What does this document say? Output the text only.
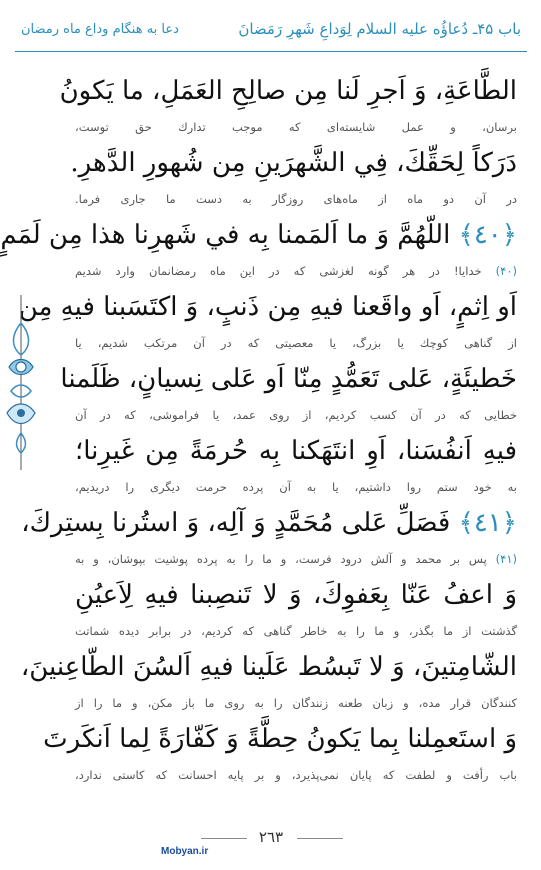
باب ۴۵ـ دُعاؤُه عليه السلام لِوَداعِ شَهرِ رَمَضانَ
دعا به هنگام وداع ماه رمضان
الطَّاعَةِ، وَ اَجرِ لَنا مِن صالِحِ العَمَلِ، ما يَكونُ
برسان، و عمل شايسته‌اى كه موجب تدارك حق توست،
دَرَكاً لِحَقِّكَ، فِي الشَّهرَينِ مِن شُهورِ الدَّهرِ.
در آن دو ماه از ماه‌هاى روزگار به دست ما جارى فرما.
﴿٤٠﴾ اللّهُمَّ وَ ما اَلمَمنا بِه في شَهرِنا هذا مِن لَمَمٍ
(۴۰) خدايا! در هر گونه لغزشى كه در اين ماه رمضانمان وارد شديم
اَو اِثمٍ، اَو واقَعنا فيهِ مِن ذَنبٍ، وَ اكتَسَبنا فيهِ مِن
از گناهى كوچك يا بزرگ، يا معصيتى كه در آن مرتكب شديم، يا
خَطيئَةٍ، عَلى تَعَمُّدٍ مِنّا اَو عَلى نِسيانٍ، ظَلَمنا
خطايى كه در آن كسب كرديم، از روى عمد، يا فراموشى، كه در آن
فيهِ اَنفُسَنا، اَوِ انتَهَكنا بِه حُرمَةً مِن غَيرِنا؛
به خود ستم روا داشتيم، يا به آن پرده حرمت ديگرى را دريديم،
﴿٤١﴾ فَصَلِّ عَلى مُحَمَّدٍ وَ آلِه، وَ استُرنا بِستِركَ،
(۴۱) پس بر محمد و آلش درود فرست، و ما را به پرده پوشيت بپوشان، و به
وَ اعفُ عَنّا بِعَفوِكَ، وَ لا تَنصِبنا فيهِ لِاَعيُنِ
گذشتت از ما بگذر، و ما را به خاطر گناهى كه كرديم، در برابر ديده شماتت
الشّامِتينَ، وَ لا تَبسُط عَلَينا فيهِ اَلسُنَ الطّاعِنينَ،
كنندگان قرار مده، و زبان طعنه زنندگان را به روى ما باز مكن، و ما را از
وَ استَعمِلنا بِما يَكونُ حِطَّةً وَ كَفّارَةً لِما اَنكَرتَ
باب رأفت و لطفت كه پايان نمى‌پذيرد، و بر پايه احسانت كه كاستى ندارد،
٢٦٣
Mobyan.ir
